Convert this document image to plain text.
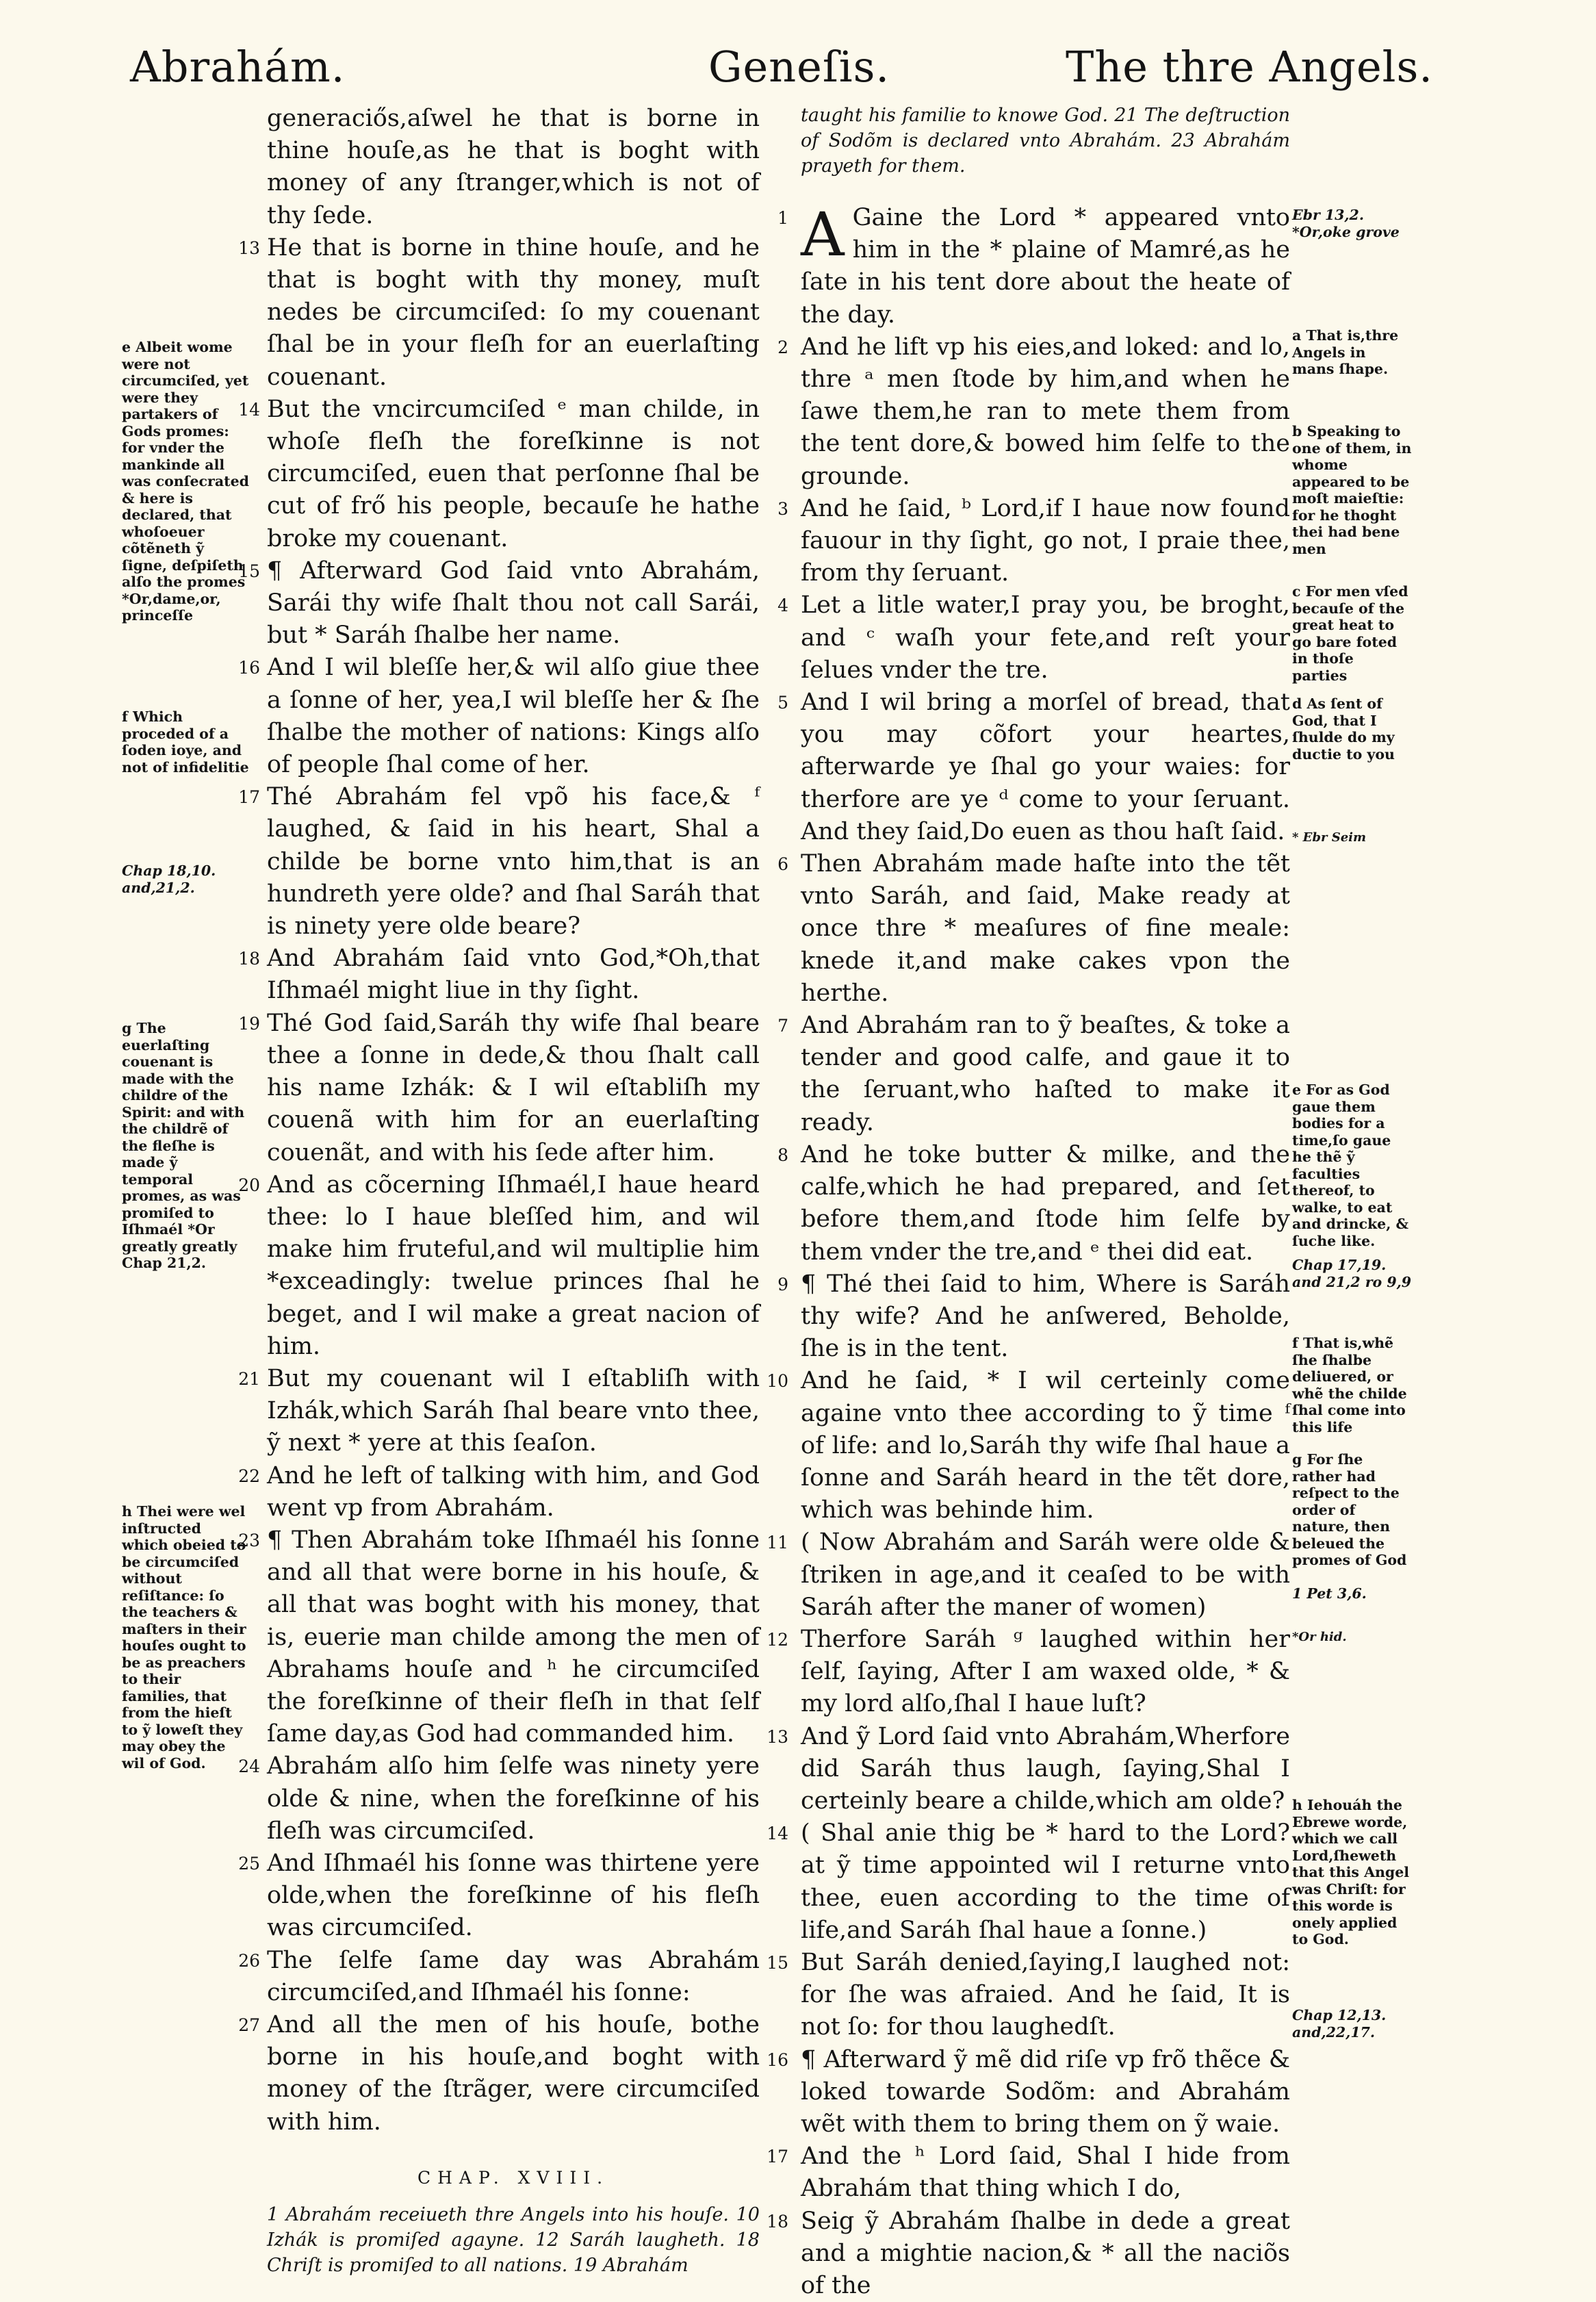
Abrahám.	Geneſis.	The thre Angels.

generaciős,aſwel he that is borne in thine houſe,as he that is boght with money of any ſtranger,which is not of thy ſede.

13 He that is borne in thine houſe, and he that is boght with thy money, muſt nedes be circumciſed: ſo my couenant ſhal be in your fleſh for an euerlaſting couenant.

14 But the vncircumciſed ᵉ man childe, in whoſe fleſh the foreſkinne is not circumciſed, euen that perſonne ſhal be cut of frő his people, becauſe he hathe broke my couenant.

15 ¶ Afterward God ſaid vnto Abrahám, Sarái thy wife ſhalt thou not call Sarái, but * Saráh ſhalbe her name.

16 And I wil bleſſe her,& wil alſo giue thee a ſonne of her, yea,I wil bleſſe her & ſhe ſhalbe the mother of nations: Kings alſo of people ſhal come of her.

17 Thé Abrahám fel vpõ his face,& ᶠ laughed, & ſaid in his heart, Shal a childe be borne vnto him,that is an hundreth yere olde? and ſhal Saráh that is ninety yere olde beare?

18 And Abrahám ſaid vnto God,*Oh,that Iſhmaél might liue in thy ſight.

19 Thé God ſaid,Saráh thy wife ſhal beare thee a ſonne in dede,& thou ſhalt call his name Izhák: & I wil eſtabliſh my couenã with him for an euerlaſting couenãt, and with his ſede after him.

20 And as cõcerning Iſhmaél,I haue heard thee: lo I haue bleſſed him, and wil make him fruteful,and wil multiplie him *exceadingly: twelue princes ſhal he beget, and I wil make a great nacion of him.

21 But my couenant wil I eſtabliſh with Izhák,which Saráh ſhal beare vnto thee, ỹ next * yere at this ſeaſon.

22 And he left of talking with him, and God went vp from Abrahám.

23 ¶ Then Abrahám toke Iſhmaél his ſonne and all that were borne in his houſe, & all that was boght with his money, that is, euerie man childe among the men of Abrahams houſe and ʰ he circumciſed the foreſkinne of their fleſh in that ſelf ſame day,as God had commanded him.

24 Abrahám alſo him ſelfe was ninety yere olde & nine, when the foreſkinne of his fleſh was circumciſed.

25 And Iſhmaél his ſonne was thirtene yere olde,when the foreſkinne of his fleſh was circumciſed.

26 The ſelfe ſame day was Abrahám circumciſed,and Iſhmaél his ſonne:

27 And all the men of his houſe, bothe borne in his houſe,and boght with money of the ſtrãger, were circumciſed with him.

CHAP. XVIII.

1 Abrahám receiueth thre Angels into his houſe. 10 Izhák is promiſed agayne. 12 Saráh laugheth. 18 Chriſt is promiſed to all nations. 19 Abrahám

taught his familie to knowe God. 21 The deſtruction of Sodõm is declared vnto Abrahám. 23 Abrahám prayeth for them.

1 A Gaine the Lord * appeared vnto him in the * plaine of Mamré,as he ſate in his tent dore about the heate of the day.

2 And he lift vp his eies,and loked: and lo, thre ᵃ men ſtode by him,and when he ſawe them,he ran to mete them from the tent dore,& bowed him ſelfe to the grounde.

3 And he ſaid, ᵇ Lord,if I haue now found fauour in thy ſight, go not, I praie thee, from thy ſeruant.

4 Let a litle water,I pray you, be broght, and ᶜ waſh your fete,and reſt your ſelues vnder the tre.

5 And I wil bring a morſel of bread, that you may cõfort your heartes, afterwarde ye ſhal go your waies: for therfore are ye ᵈ come to your ſeruant. And they ſaid,Do euen as thou haſt ſaid.

6 Then Abrahám made haſte into the tẽt vnto Saráh, and ſaid, Make ready at once thre * meaſures of fine meale: knede it,and make cakes vpon the herthe.

7 And Abrahám ran to ỹ beaſtes, & toke a tender and good calfe, and gaue it to the ſeruant,who haſted to make it ready.

8 And he toke butter & milke, and the calfe,which he had prepared, and ſet before them,and ſtode him ſelfe by them vnder the tre,and ᵉ thei did eat.

9 ¶ Thé thei ſaid to him, Where is Saráh thy wife? And he anſwered, Beholde, ſhe is in the tent.

10 And he ſaid, * I wil certeinly come againe vnto thee according to ỹ time ᶠ of life: and lo,Saráh thy wife ſhal haue a ſonne and Saráh heard in the tẽt dore, which was behinde him.

11 ( Now Abrahám and Saráh were olde & ſtriken in age,and it ceaſed to be with Saráh after the maner of women)

12 Therfore Saráh ᵍ laughed within her ſelf, ſaying, After I am waxed olde, * & my lord alſo,ſhal I haue luſt?

13 And ỹ Lord ſaid vnto Abrahám,Wherfore did Saráh thus laugh, ſaying,Shal I certeinly beare a childe,which am olde?

14 ( Shal anie thig be * hard to the Lord? at ỹ time appointed wil I returne vnto thee, euen according to the time of life,and Saráh ſhal haue a ſonne.)

15 But Saráh denied,ſaying,I laughed not: for ſhe was afraied. And he ſaid, It is not ſo: for thou laughedſt.

16 ¶ Afterward ỹ mẽ did riſe vp frõ thẽce & loked towarde Sodõm: and Abrahám wẽt with them to bring them on ỹ waie.

17 And the ʰ Lord ſaid, Shal I hide from Abrahám that thing which I do,

18 Seig ỹ Abrahám ſhalbe in dede a great and a mightie nacion,& * all the naciõs of the

e Albeit wome were not circumciſed, yet were they partakers of Gods promes: for vnder the mankinde all was conſecrated & here is declared, that whoſoeuer cõtẽneth ỹ ſigne, deſpiſeth alſo the promes *Or,dame,or, princeſſe

f Which proceded of a ſoden ioye, and not of infidelitie

Chap 18,10. and,21,2.

g The euerlaſting couenant is made with the childre of the Spirit: and with the childrẽ of the fleſhe is made ỹ temporal promes, as was promiſed to Iſhmaél *Or greatly greatly Chap 21,2.

h Thei were wel inſtructed which obeied to be circumciſed without reſiſtance: ſo the teachers & maſters in their houſes ought to be as preachers to their families, that from the hieſt to ỹ loweſt they may obey the wil of God.

Ebr 13,2. *Or,oke grove

a That is,thre Angels in mans ſhape.

b Speaking to one of them, in whome appeared to be moſt maieſtie: for he thoght thei had bene men

c For men vſed becauſe of the great heat to go bare foted in thoſe parties

d As ſent of God, that I ſhulde do my ductie to you

* Ebr Seim

e For as God gaue them bodies for a time,ſo gaue he thẽ ỹ faculties thereof, to walke, to eat and drincke, & ſuche like.

Chap 17,19. and 21,2 ro 9,9

f That is,whẽ ſhe ſhalbe deliuered, or whẽ the childe ſhal come into this life

g For ſhe rather had reſpect to the order of nature, then beleued the promes of God

1 Pet 3,6.

*Or hid.

h Iehouáh the Ebrewe worde, which we call Lord,ſheweth that this Angel was Chriſt: for this worde is onely applied to God.

Chap 12,13. and,22,17.
